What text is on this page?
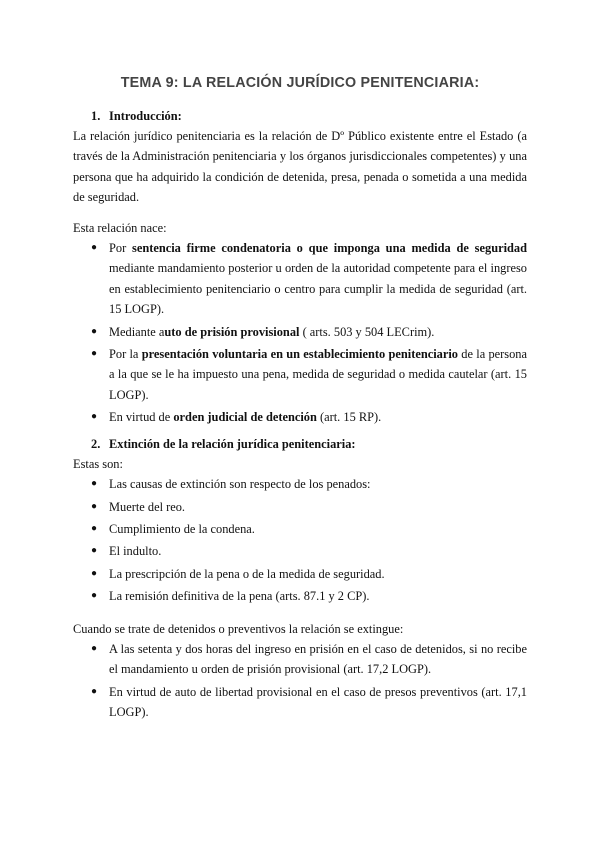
TEMA 9: LA RELACIÓN JURÍDICO PENITENCIARIA:
1. Introducción:

La relación jurídico penitenciaria es la relación de Dº Público existente entre el Estado (a través de la Administración penitenciaria y los órganos jurisdiccionales competentes) y una persona que ha adquirido la condición de detenida, presa, penada o sometida a una medida de seguridad.

Esta relación nace:

● Por sentencia firme condenatoria o que imponga una medida de seguridad mediante mandamiento posterior u orden de la autoridad competente para el ingreso en establecimiento penitenciario o centro para cumplir la medida de seguridad (art. 15 LOGP).
● Mediante auto de prisión provisional ( arts. 503 y 504 LECrim).
● Por la presentación voluntaria en un establecimiento penitenciario de la persona a la que se le ha impuesto una pena, medida de seguridad o medida cautelar (art. 15 LOGP).
● En virtud de orden judicial de detención (art. 15 RP).
2. Extinción de la relación jurídica penitenciaria:

Estas son:

● Las causas de extinción son respecto de los penados:
● Muerte del reo.
● Cumplimiento de la condena.
● El indulto.
● La prescripción de la pena o de la medida de seguridad.
● La remisión definitiva de la pena (arts. 87.1 y 2 CP).

Cuando se trate de detenidos o preventivos la relación se extingue:

● A las setenta y dos horas del ingreso en prisión en el caso de detenidos, si no recibe el mandamiento u orden de prisión provisional (art. 17,2 LOGP).
● En virtud de auto de libertad provisional en el caso de presos preventivos (art. 17,1 LOGP).
